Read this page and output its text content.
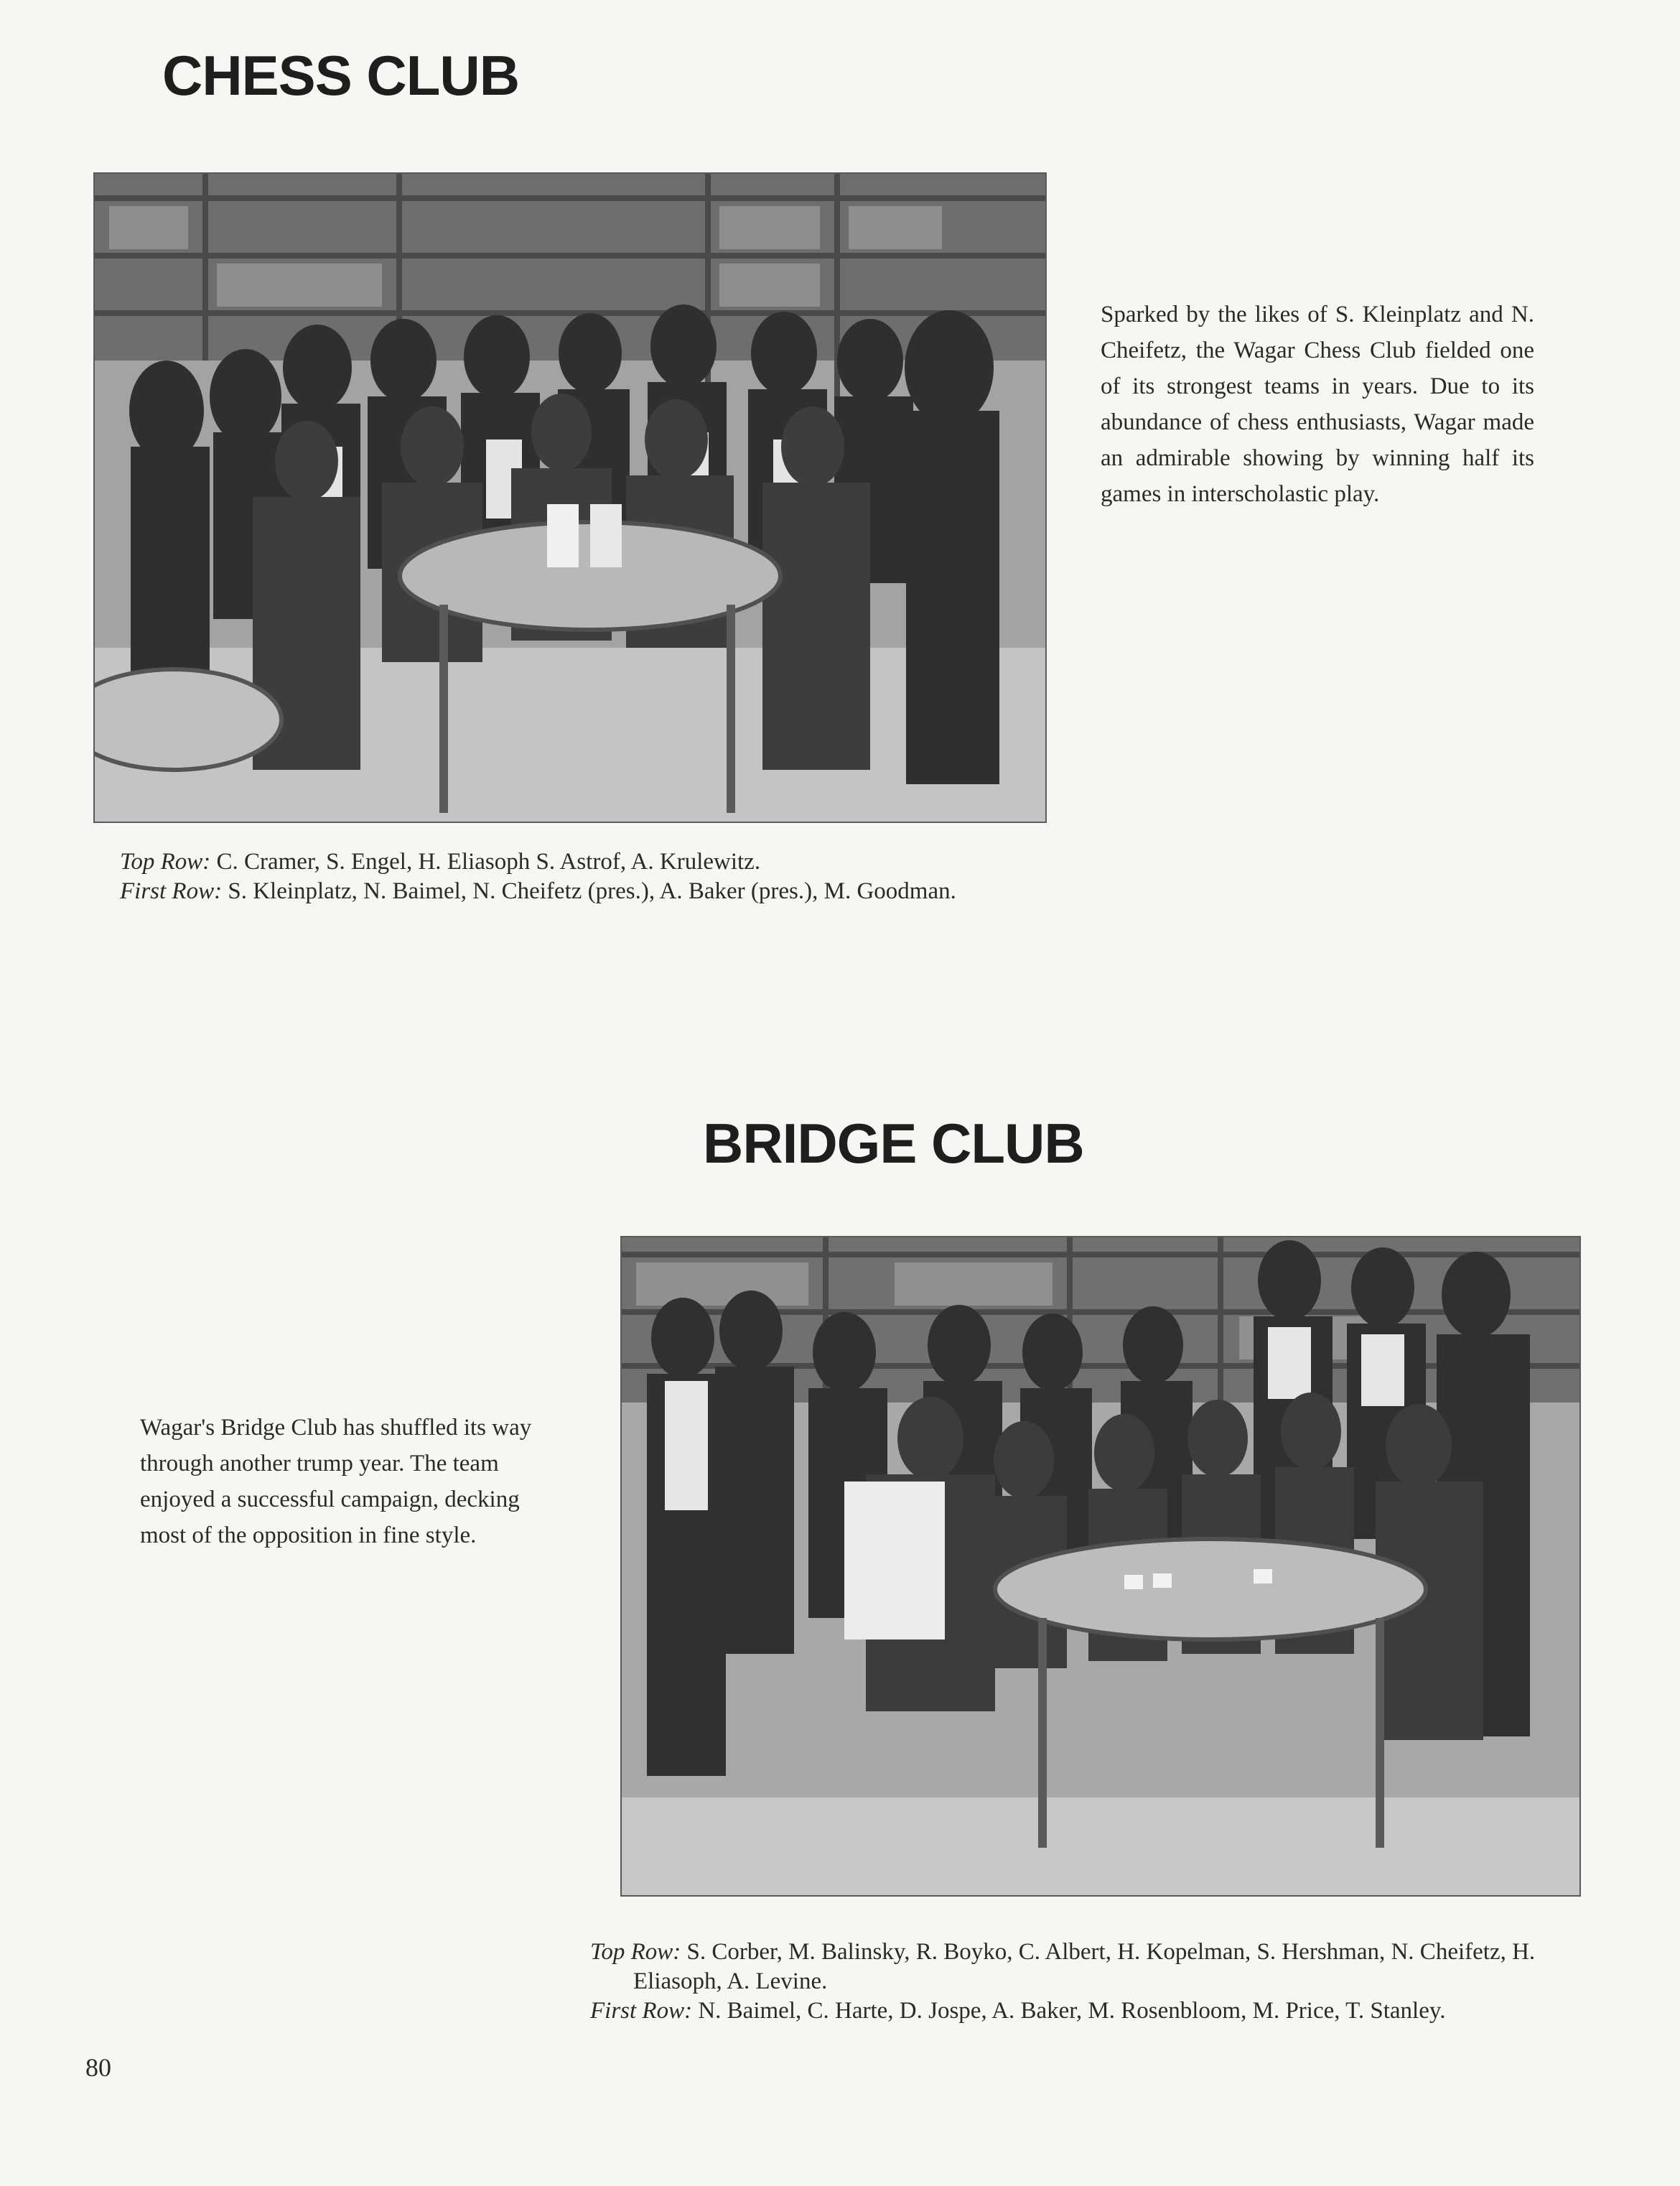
CHESS CLUB

Sparked by the likes of S. Kleinplatz and N. Cheifetz, the Wagar Chess Club fielded one of its strongest teams in years. Due to its abundance of chess enthusiasts, Wagar made an admirable showing by winning half its games in interscholastic play.

Top Row: C. Cramer, S. Engel, H. Eliasoph S. Astrof, A. Krulewitz.
First Row: S. Kleinplatz, N. Baimel, N. Cheifetz (pres.), A. Baker (pres.), M. Goodman.

BRIDGE CLUB

Wagar's Bridge Club has shuffled its way through another trump year. The team enjoyed a successful campaign, decking most of the opposition in fine style.

Top Row: S. Corber, M. Balinsky, R. Boyko, C. Albert, H. Kopelman, S. Hershman, N. Cheifetz, H. Eliasoph, A. Levine.
First Row: N. Baimel, C. Harte, D. Jospe, A. Baker, M. Rosenbloom, M. Price, T. Stanley.

80
